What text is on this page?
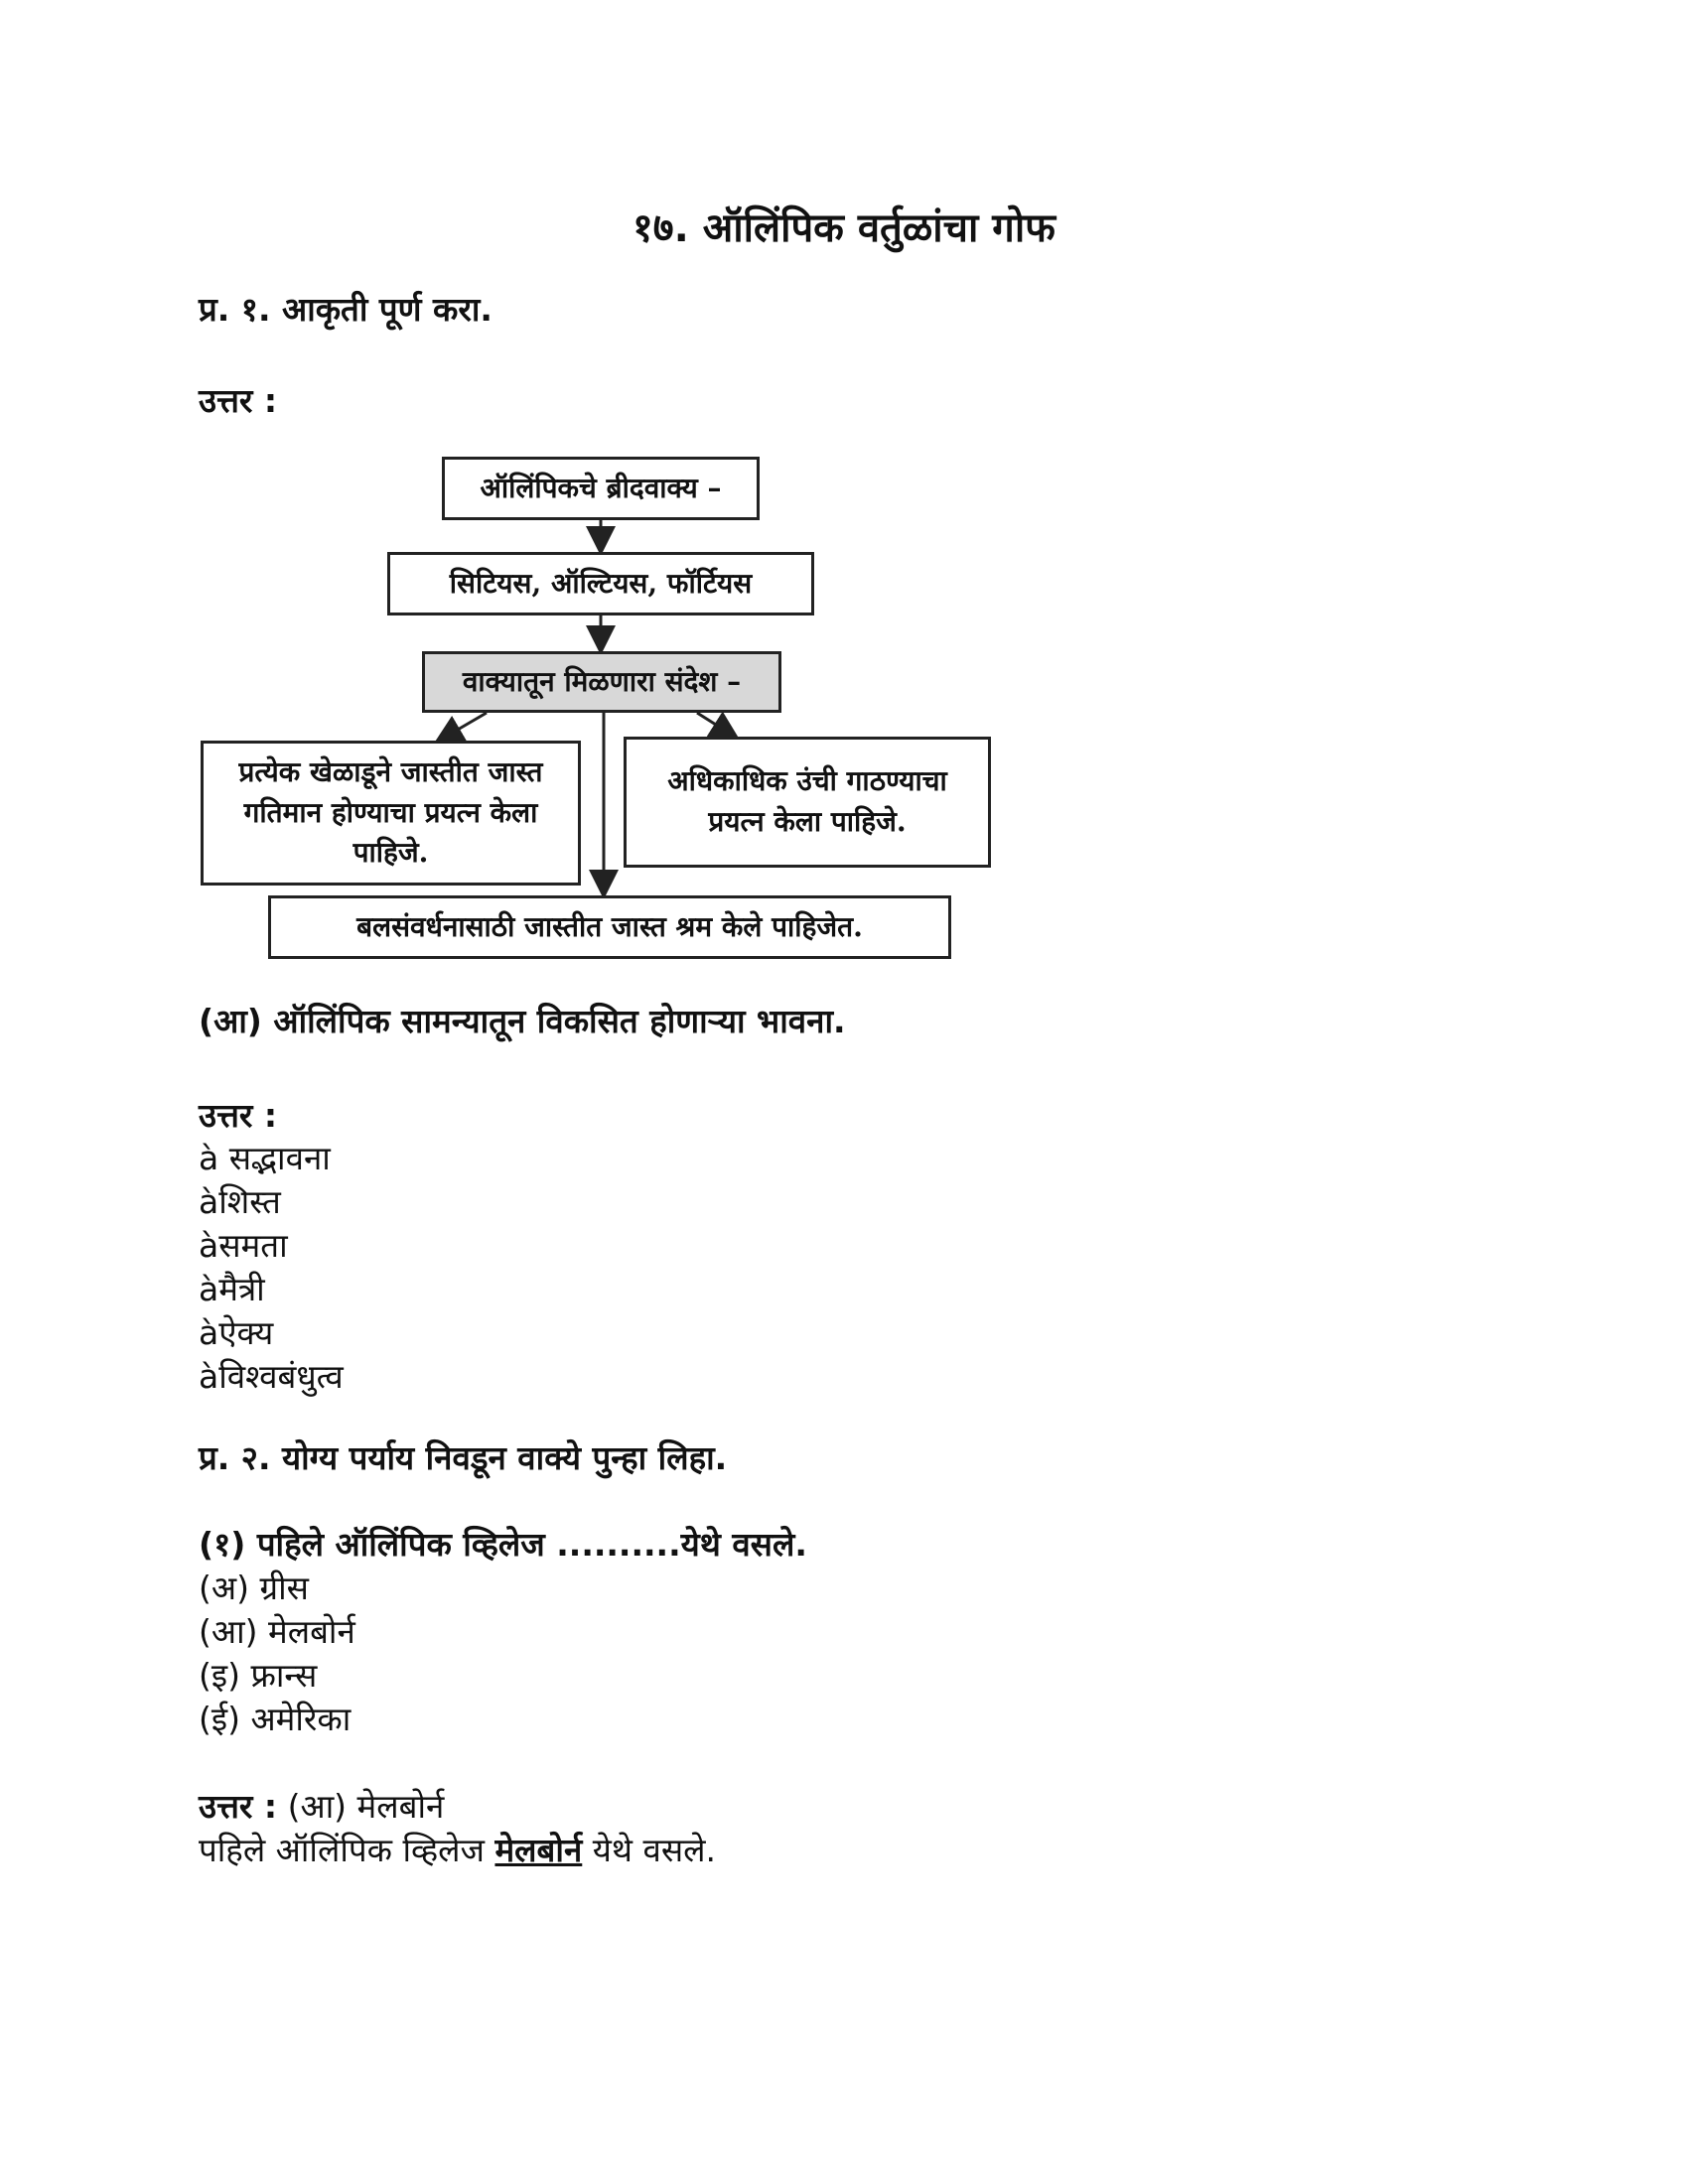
१७. ऑलिंपिक वर्तुळांचा गोफ
प्र. १. आकृती पूर्ण करा.
उत्तर :
ऑलिंपिकचे ब्रीदवाक्य –
सिटियस, ऑल्टियस, फॉर्टियस
वाक्यातून मिळणारा संदेश –
प्रत्येक खेळाडूने जास्तीत जास्त गतिमान होण्याचा प्रयत्न केला पाहिजे.
अधिकाधिक उंची गाठण्याचा प्रयत्न केला पाहिजे.
बलसंवर्धनासाठी जास्तीत जास्त श्रम केले पाहिजेत.
(आ) ऑलिंपिक सामन्यातून विकसित होणाऱ्या भावना.
उत्तर :
à सद्भावना
àशिस्त
àसमता
àमैत्री
àऐक्य
àविश्वबंधुत्व
प्र. २. योग्य पर्याय निवडून वाक्ये पुन्हा लिहा.
(१) पहिले ऑलिंपिक व्हिलेज ..........येथे वसले.
(अ) ग्रीस
(आ) मेलबोर्न
(इ) फ्रान्स
(ई) अमेरिका
उत्तर : (आ) मेलबोर्न
पहिले ऑलिंपिक व्हिलेज मेलबोर्न येथे वसले.
